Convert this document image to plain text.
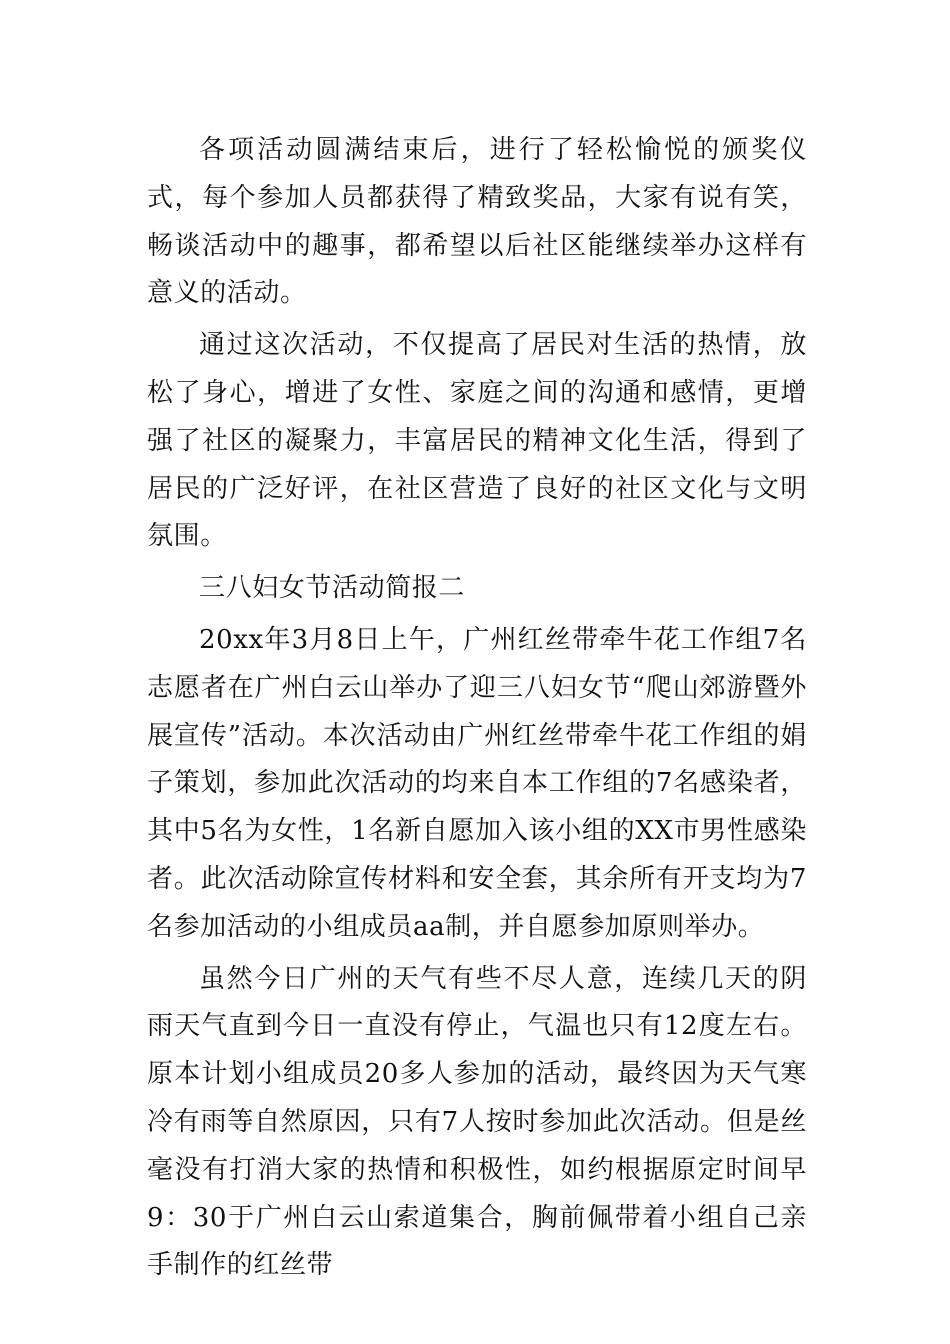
各项活动圆满结束后，进行了轻松愉悦的颁奖仪式，每个参加人员都获得了精致奖品，大家有说有笑，畅谈活动中的趣事，都希望以后社区能继续举办这样有意义的活动。

通过这次活动，不仅提高了居民对生活的热情，放松了身心，增进了女性、家庭之间的沟通和感情，更增强了社区的凝聚力，丰富居民的精神文化生活，得到了居民的广泛好评，在社区营造了良好的社区文化与文明氛围。

三八妇女节活动简报二

20xx年3月8日上午，广州红丝带牵牛花工作组7名志愿者在广州白云山举办了迎三八妇女节“爬山郊游暨外展宣传”活动。本次活动由广州红丝带牵牛花工作组的娟子策划，参加此次活动的均来自本工作组的7名感染者，其中5名为女性，1名新自愿加入该小组的XX市男性感染者。此次活动除宣传材料和安全套，其余所有开支均为7名参加活动的小组成员aa制，并自愿参加原则举办。

虽然今日广州的天气有些不尽人意，连续几天的阴雨天气直到今日一直没有停止，气温也只有12度左右。原本计划小组成员20多人参加的活动，最终因为天气寒冷有雨等自然原因，只有7人按时参加此次活动。但是丝毫没有打消大家的热情和积极性，如约根据原定时间早9：30于广州白云山索道集合，胸前佩带着小组自己亲手制作的红丝带
